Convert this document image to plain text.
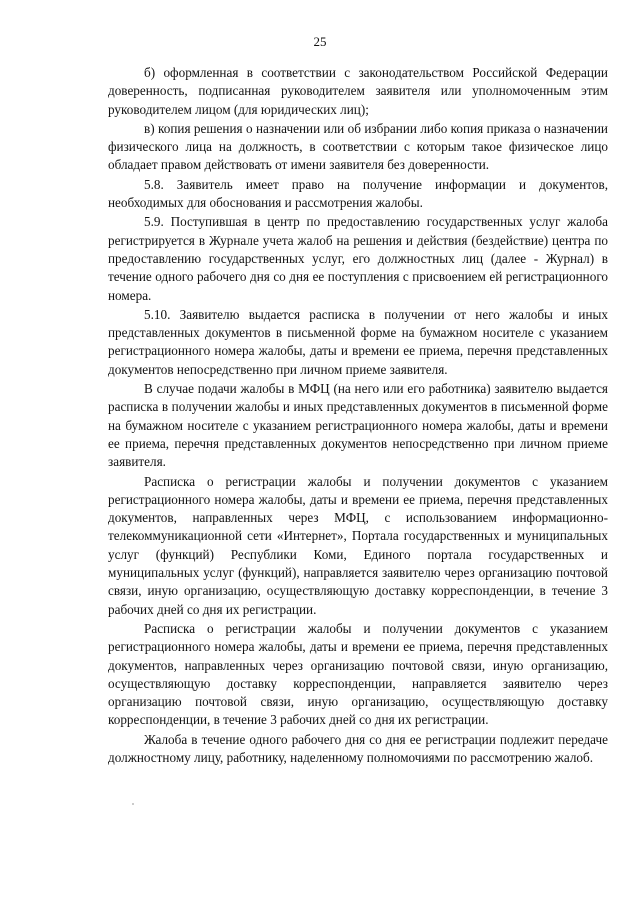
25

б) оформленная в соответствии с законодательством Российской Федерации доверенность, подписанная руководителем заявителя или уполномоченным этим руководителем лицом (для юридических лиц);

в) копия решения о назначении или об избрании либо копия приказа о назначении физического лица на должность, в соответствии с которым такое физическое лицо обладает правом действовать от имени заявителя без доверенности.

5.8. Заявитель имеет право на получение информации и документов, необходимых для обоснования и рассмотрения жалобы.

5.9. Поступившая в центр по предоставлению государственных услуг жалоба регистрируется в Журнале учета жалоб на решения и действия (бездействие) центра по предоставлению государственных услуг, его должностных лиц (далее - Журнал) в течение одного рабочего дня со дня ее поступления с присвоением ей регистрационного номера.

5.10. Заявителю выдается расписка в получении от него жалобы и иных представленных документов в письменной форме на бумажном носителе с указанием регистрационного номера жалобы, даты и времени ее приема, перечня представленных документов непосредственно при личном приеме заявителя.

В случае подачи жалобы в МФЦ (на него или его работника) заявителю выдается расписка в получении жалобы и иных представленных документов в письменной форме на бумажном носителе с указанием регистрационного номера жалобы, даты и времени ее приема, перечня представленных документов непосредственно при личном приеме заявителя.

Расписка о регистрации жалобы и получении документов с указанием регистрационного номера жалобы, даты и времени ее приема, перечня представленных документов, направленных через МФЦ, с использованием информационно-телекоммуникационной сети «Интернет», Портала государственных и муниципальных услуг (функций) Республики Коми, Единого портала государственных и муниципальных услуг (функций), направляется заявителю через организацию почтовой связи, иную организацию, осуществляющую доставку корреспонденции, в течение 3 рабочих дней со дня их регистрации.

Расписка о регистрации жалобы и получении документов с указанием регистрационного номера жалобы, даты и времени ее приема, перечня представленных документов, направленных через организацию почтовой связи, иную организацию, осуществляющую доставку корреспонденции, направляется заявителю через организацию почтовой связи, иную организацию, осуществляющую доставку корреспонденции, в течение 3 рабочих дней со дня их регистрации.

Жалоба в течение одного рабочего дня со дня ее регистрации подлежит передаче должностному лицу, работнику, наделенному полномочиями по рассмотрению жалоб.
